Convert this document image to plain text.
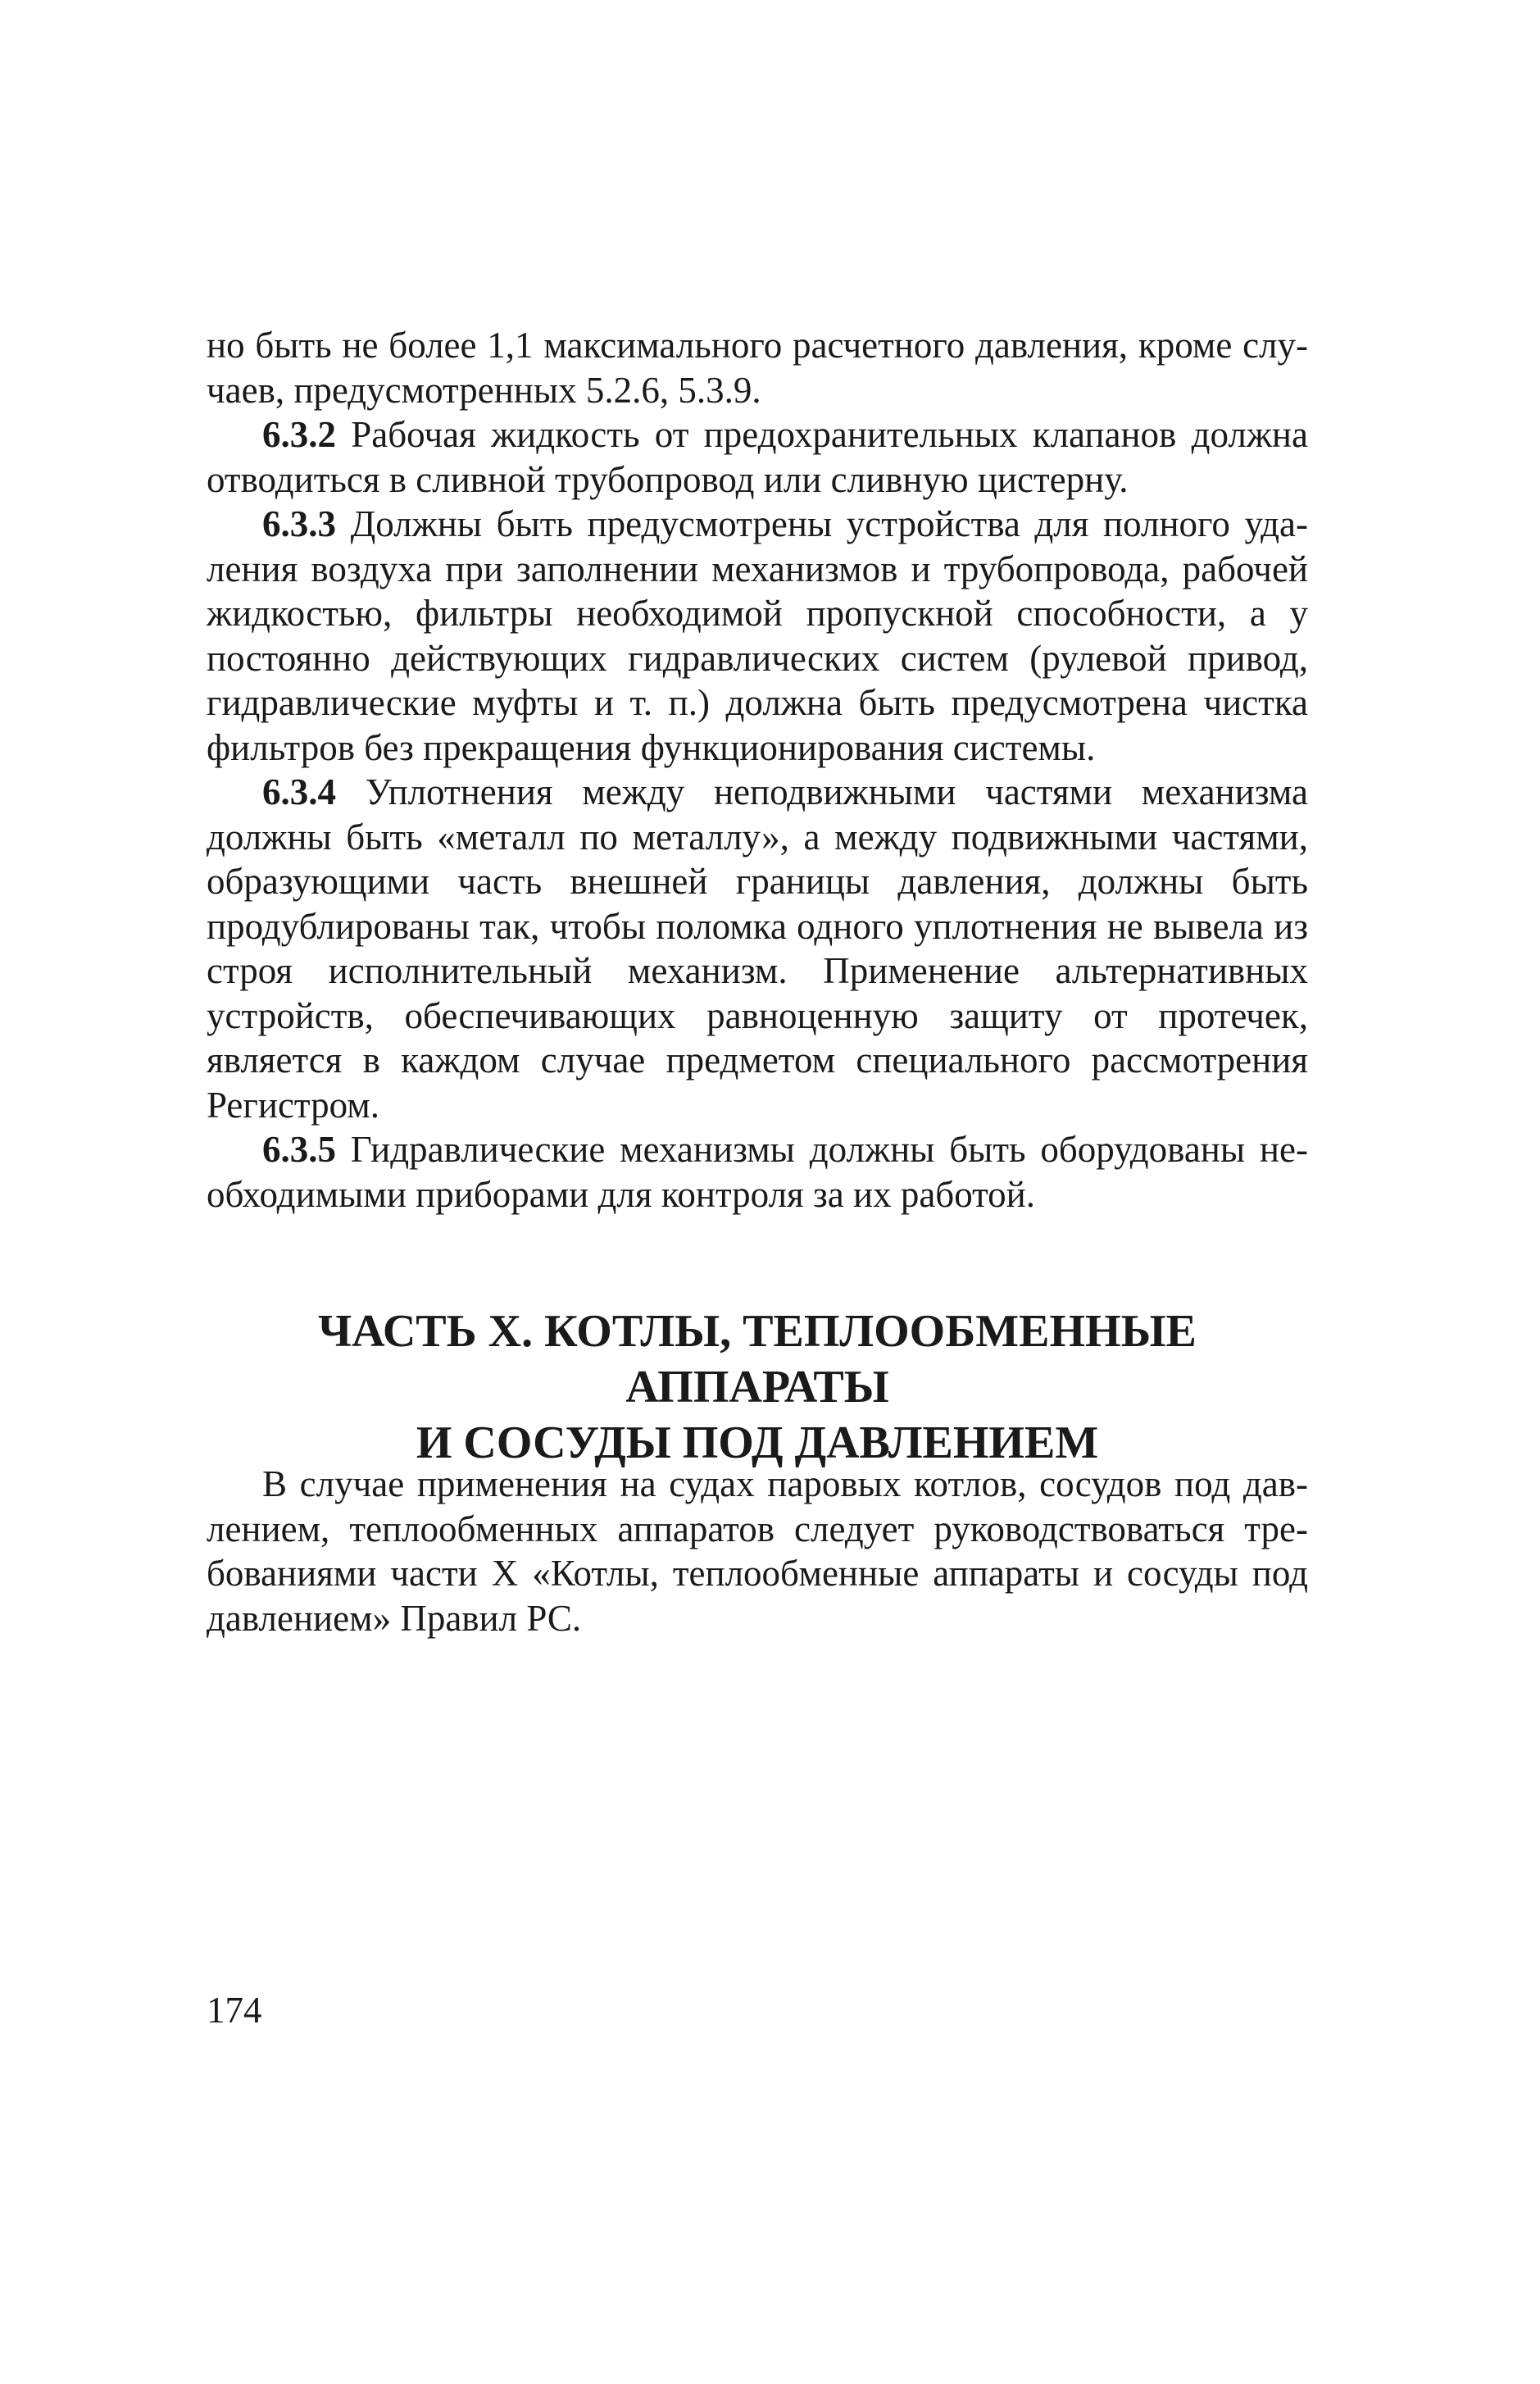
но быть не более 1,1 максимального расчетного давления, кроме случаев, предусмотренных 5.2.6, 5.3.9.

6.3.2 Рабочая жидкость от предохранительных клапанов должна отводиться в сливной трубопровод или сливную цистерну.

6.3.3 Должны быть предусмотрены устройства для полного удаления воздуха при заполнении механизмов и трубопровода, рабочей жидкостью, фильтры необходимой пропускной способности, а у постоянно действующих гидравлических систем (рулевой привод, гидравлические муфты и т. п.) должна быть предусмотрена чистка фильтров без прекращения функционирования системы.

6.3.4 Уплотнения между неподвижными частями механизма должны быть «металл по металлу», а между подвижными частями, образующими часть внешней границы давления, должны быть продублированы так, чтобы поломка одного уплотнения не вывела из строя исполнительный механизм. Применение альтернативных устройств, обеспечивающих равноценную защиту от протечек, является в каждом случае предметом специального рассмотрения Регистром.

6.3.5 Гидравлические механизмы должны быть оборудованы необходимыми приборами для контроля за их работой.

ЧАСТЬ X. КОТЛЫ, ТЕПЛООБМЕННЫЕ АППАРАТЫ
И СОСУДЫ ПОД ДАВЛЕНИЕМ

В случае применения на судах паровых котлов, сосудов под давлением, теплообменных аппаратов следует руководствоваться требованиями части X «Котлы, теплообменные аппараты и сосуды под давлением» Правил РС.

174
